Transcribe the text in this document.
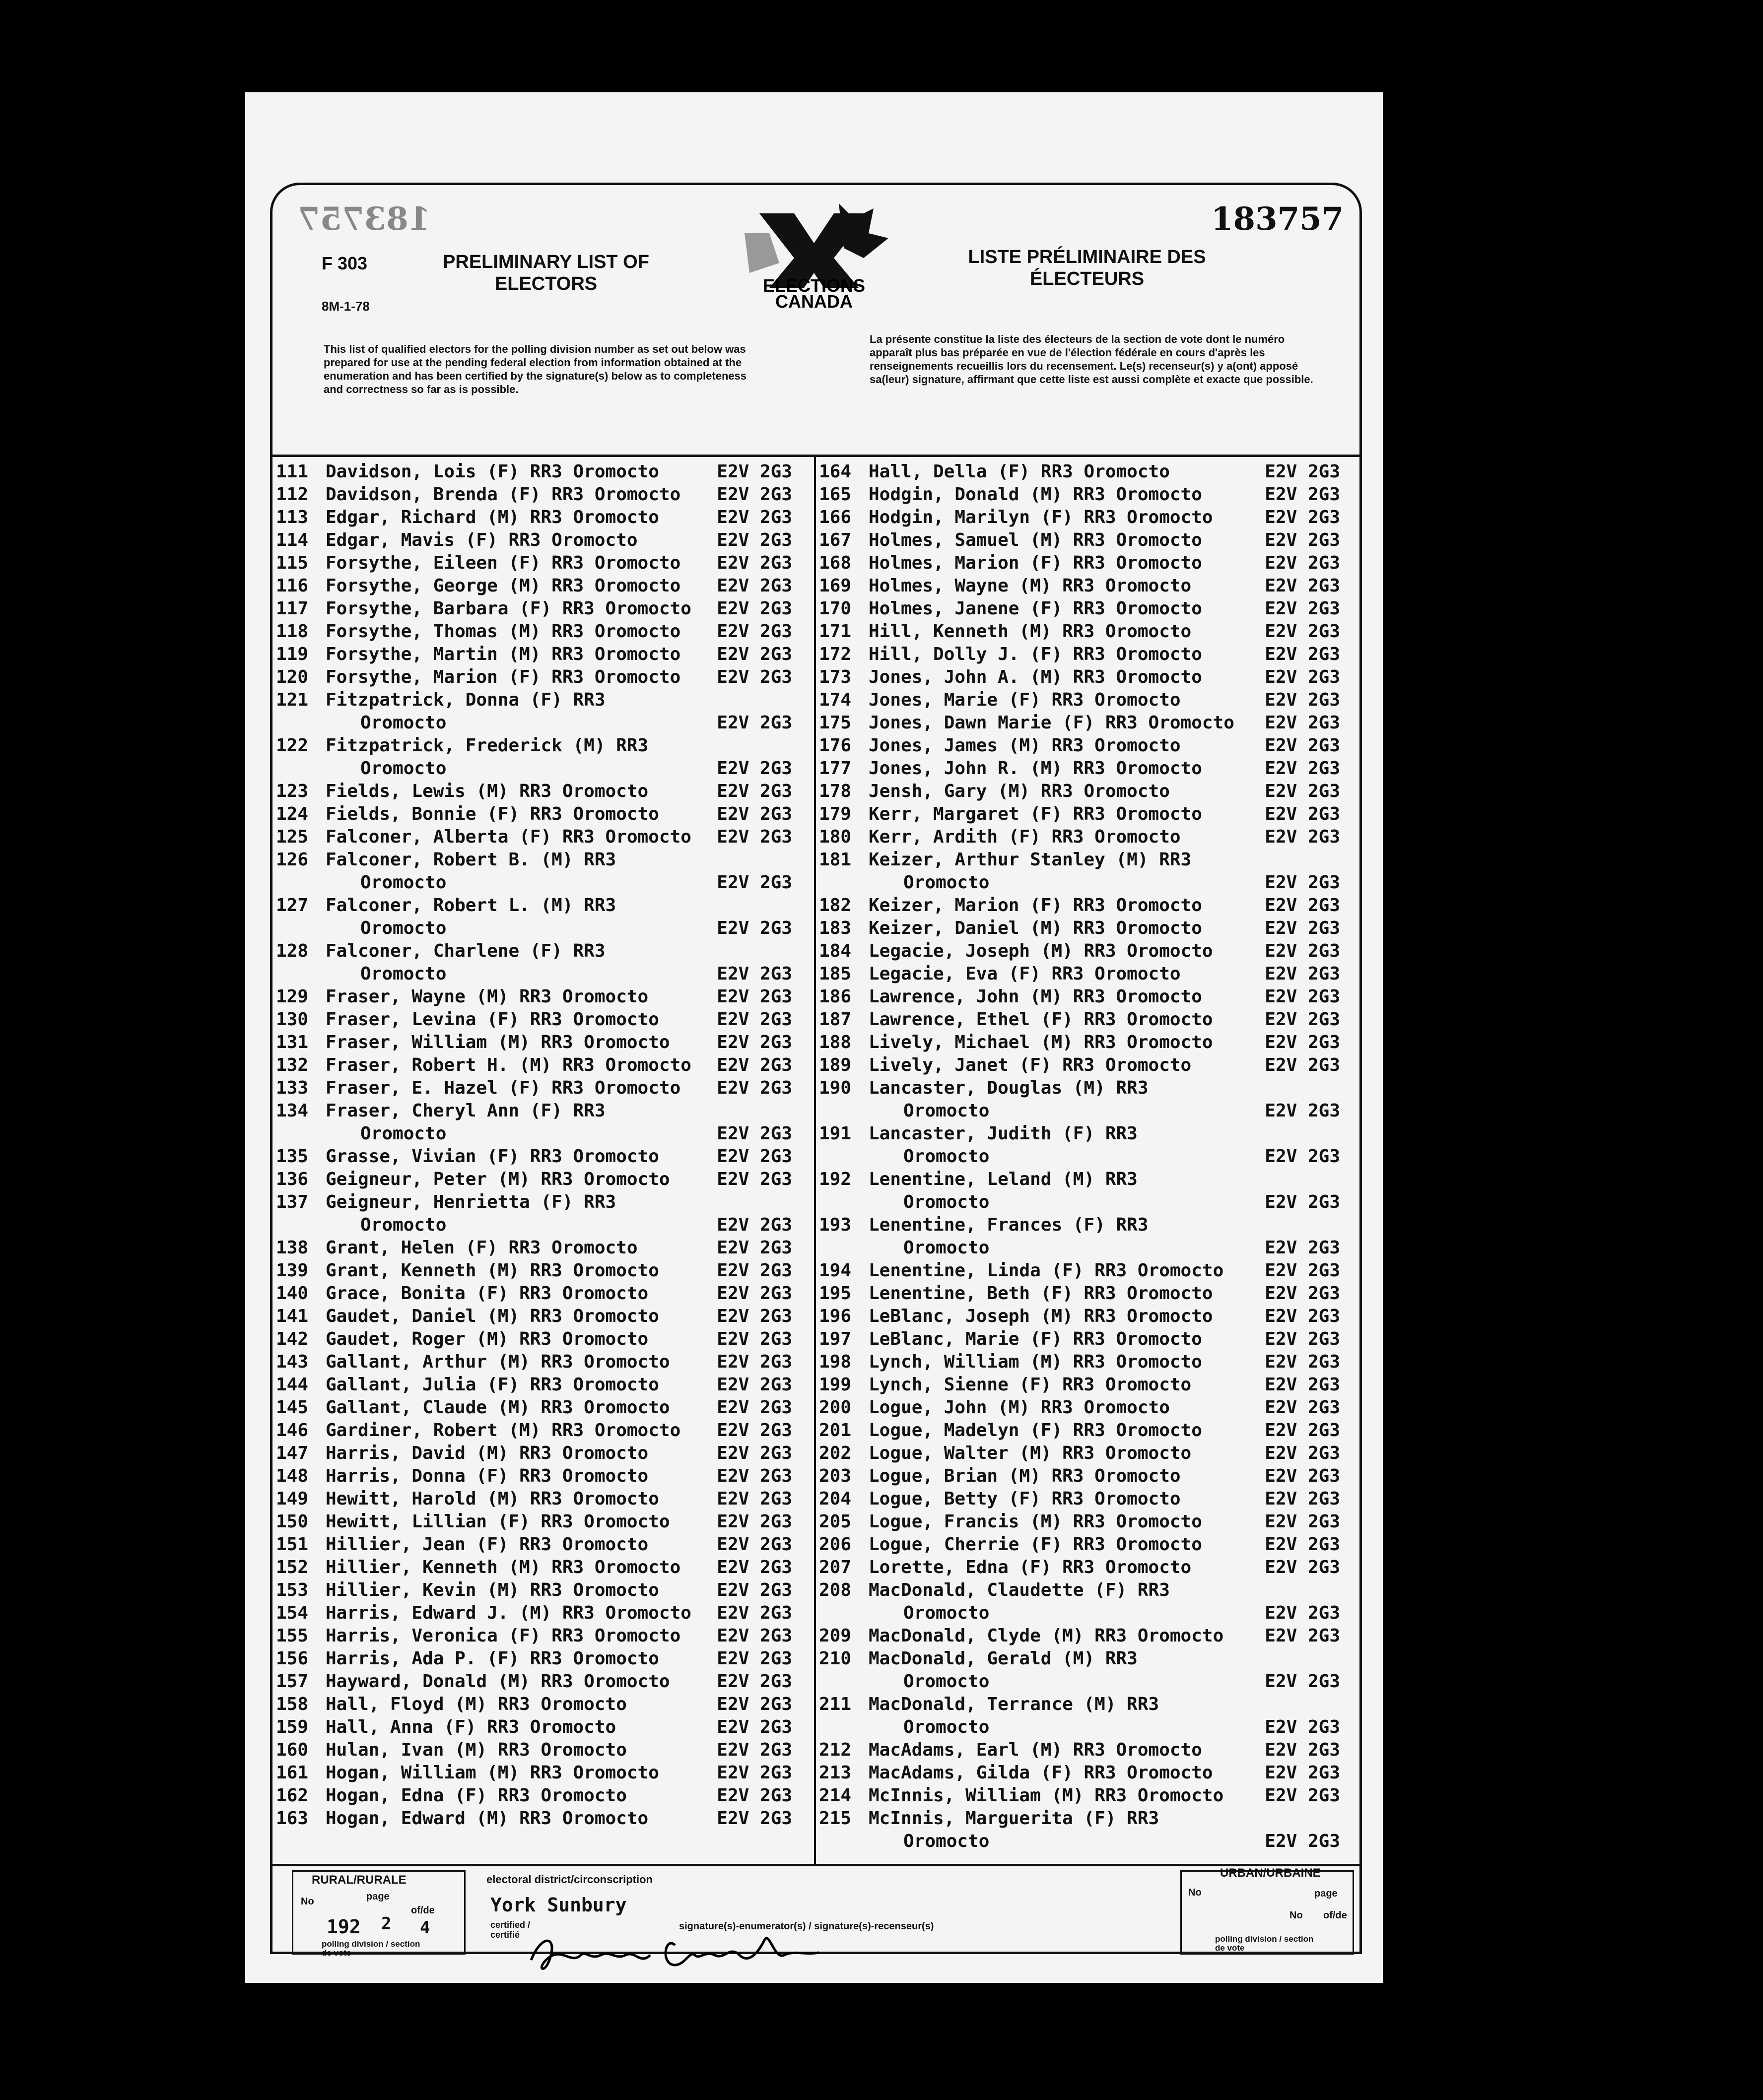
183757	183757
F 303
8M-1-78
PRELIMINARY LIST OF ELECTORS
LISTE PRÉLIMINAIRE DES ÉLECTEURS
ELECTIONS CANADA
This list of qualified electors for the polling division number as set out below was prepared for use at the pending federal election from information obtained at the enumeration and has been certified by the signature(s) below as to completeness and correctness so far as is possible.
La présente constitue la liste des électeurs de la section de vote dont le numéro apparaît plus bas préparée en vue de l'élection fédérale en cours d'après les renseignements recueillis lors du recensement. Le(s) recenseur(s) y a(ont) apposé sa(leur) signature, affirmant que cette liste est aussi complète et exacte que possible.
111 Davidson, Lois (F) RR3 Oromocto	E2V 2G3
112 Davidson, Brenda (F) RR3 Oromocto E2V 2G3
113 Edgar, Richard (M) RR3 Oromocto	E2V 2G3
114 Edgar, Mavis (F) RR3 Oromocto	E2V 2G3
115 Forsythe, Eileen (F) RR3 Oromocto E2V 2G3
116 Forsythe, George (M) RR3 Oromocto E2V 2G3
117 Forsythe, Barbara (F) RR3 Oromocto E2V 2G3
118 Forsythe, Thomas (M) RR3 Oromocto E2V 2G3
119 Forsythe, Martin (M) RR3 Oromocto E2V 2G3
120 Forsythe, Marion (F) RR3 Oromocto E2V 2G3
121 Fitzpatrick, Donna (F) RR3
Oromocto	E2V 2G3
122 Fitzpatrick, Frederick (M) RR3
Oromocto	E2V 2G3
123 Fields, Lewis (M) RR3 Oromocto	E2V 2G3
124 Fields, Bonnie (F) RR3 Oromocto	E2V 2G3
125 Falconer, Alberta (F) RR3 Oromocto E2V 2G3
126 Falconer, Robert B. (M) RR3
Oromocto	E2V 2G3
127 Falconer, Robert L. (M) RR3
Oromocto	E2V 2G3
128 Falconer, Charlene (F) RR3
Oromocto	E2V 2G3
129 Fraser, Wayne (M) RR3 Oromocto	E2V 2G3
130 Fraser, Levina (F) RR3 Oromocto	E2V 2G3
131 Fraser, William (M) RR3 Oromocto	E2V 2G3
132 Fraser, Robert H. (M) RR3 Oromocto E2V 2G3
133 Fraser, E. Hazel (F) RR3 Oromocto E2V 2G3
134 Fraser, Cheryl Ann (F) RR3
Oromocto	E2V 2G3
135 Grasse, Vivian (F) RR3 Oromocto	E2V 2G3
136 Geigneur, Peter (M) RR3 Oromocto	E2V 2G3
137 Geigneur, Henrietta (F) RR3
Oromocto	E2V 2G3
138 Grant, Helen (F) RR3 Oromocto	E2V 2G3
139 Grant, Kenneth (M) RR3 Oromocto	E2V 2G3
140 Grace, Bonita (F) RR3 Oromocto	E2V 2G3
141 Gaudet, Daniel (M) RR3 Oromocto	E2V 2G3
142 Gaudet, Roger (M) RR3 Oromocto	E2V 2G3
143 Gallant, Arthur (M) RR3 Oromocto	E2V 2G3
144 Gallant, Julia (F) RR3 Oromocto	E2V 2G3
145 Gallant, Claude (M) RR3 Oromocto	E2V 2G3
146 Gardiner, Robert (M) RR3 Oromocto E2V 2G3
147 Harris, David (M) RR3 Oromocto	E2V 2G3
148 Harris, Donna (F) RR3 Oromocto	E2V 2G3
149 Hewitt, Harold (M) RR3 Oromocto	E2V 2G3
150 Hewitt, Lillian (F) RR3 Oromocto	E2V 2G3
151 Hillier, Jean (F) RR3 Oromocto	E2V 2G3
152 Hillier, Kenneth (M) RR3 Oromocto E2V 2G3
153 Hillier, Kevin (M) RR3 Oromocto	E2V 2G3
154 Harris, Edward J. (M) RR3 Oromocto E2V 2G3
155 Harris, Veronica (F) RR3 Oromocto E2V 2G3
156 Harris, Ada P. (F) RR3 Oromocto	E2V 2G3
157 Hayward, Donald (M) RR3 Oromocto	E2V 2G3
158 Hall, Floyd (M) RR3 Oromocto	E2V 2G3
159 Hall, Anna (F) RR3 Oromocto	E2V 2G3
160 Hulan, Ivan (M) RR3 Oromocto	E2V 2G3
161 Hogan, William (M) RR3 Oromocto	E2V 2G3
162 Hogan, Edna (F) RR3 Oromocto	E2V 2G3
163 Hogan, Edward (M) RR3 Oromocto	E2V 2G3
164 Hall, Della (F) RR3 Oromocto	E2V 2G3
165 Hodgin, Donald (M) RR3 Oromocto	E2V 2G3
166 Hodgin, Marilyn (F) RR3 Oromocto	E2V 2G3
167 Holmes, Samuel (M) RR3 Oromocto	E2V 2G3
168 Holmes, Marion (F) RR3 Oromocto	E2V 2G3
169 Holmes, Wayne (M) RR3 Oromocto	E2V 2G3
170 Holmes, Janene (F) RR3 Oromocto	E2V 2G3
171 Hill, Kenneth (M) RR3 Oromocto	E2V 2G3
172 Hill, Dolly J. (F) RR3 Oromocto	E2V 2G3
173 Jones, John A. (M) RR3 Oromocto	E2V 2G3
174 Jones, Marie (F) RR3 Oromocto	E2V 2G3
175 Jones, Dawn Marie (F) RR3 Oromocto E2V 2G3
176 Jones, James (M) RR3 Oromocto	E2V 2G3
177 Jones, John R. (M) RR3 Oromocto	E2V 2G3
178 Jensh, Gary (M) RR3 Oromocto	E2V 2G3
179 Kerr, Margaret (F) RR3 Oromocto	E2V 2G3
180 Kerr, Ardith (F) RR3 Oromocto	E2V 2G3
181 Keizer, Arthur Stanley (M) RR3
Oromocto	E2V 2G3
182 Keizer, Marion (F) RR3 Oromocto	E2V 2G3
183 Keizer, Daniel (M) RR3 Oromocto	E2V 2G3
184 Legacie, Joseph (M) RR3 Oromocto	E2V 2G3
185 Legacie, Eva (F) RR3 Oromocto	E2V 2G3
186 Lawrence, John (M) RR3 Oromocto	E2V 2G3
187 Lawrence, Ethel (F) RR3 Oromocto	E2V 2G3
188 Lively, Michael (M) RR3 Oromocto	E2V 2G3
189 Lively, Janet (F) RR3 Oromocto	E2V 2G3
190 Lancaster, Douglas (M) RR3
Oromocto	E2V 2G3
191 Lancaster, Judith (F) RR3
Oromocto	E2V 2G3
192 Lenentine, Leland (M) RR3
Oromocto	E2V 2G3
193 Lenentine, Frances (F) RR3
Oromocto	E2V 2G3
194 Lenentine, Linda (F) RR3 Oromocto E2V 2G3
195 Lenentine, Beth (F) RR3 Oromocto	E2V 2G3
196 LeBlanc, Joseph (M) RR3 Oromocto	E2V 2G3
197 LeBlanc, Marie (F) RR3 Oromocto	E2V 2G3
198 Lynch, William (M) RR3 Oromocto	E2V 2G3
199 Lynch, Sienne (F) RR3 Oromocto	E2V 2G3
200 Logue, John (M) RR3 Oromocto	E2V 2G3
201 Logue, Madelyn (F) RR3 Oromocto	E2V 2G3
202 Logue, Walter (M) RR3 Oromocto	E2V 2G3
203 Logue, Brian (M) RR3 Oromocto	E2V 2G3
204 Logue, Betty (F) RR3 Oromocto	E2V 2G3
205 Logue, Francis (M) RR3 Oromocto	E2V 2G3
206 Logue, Cherrie (F) RR3 Oromocto	E2V 2G3
207 Lorette, Edna (F) RR3 Oromocto	E2V 2G3
208 MacDonald, Claudette (F) RR3
Oromocto	E2V 2G3
209 MacDonald, Clyde (M) RR3 Oromocto E2V 2G3
210 MacDonald, Gerald (M) RR3
Oromocto	E2V 2G3
211 MacDonald, Terrance (M) RR3
Oromocto	E2V 2G3
212 MacAdams, Earl (M) RR3 Oromocto	E2V 2G3
213 MacAdams, Gilda (F) RR3 Oromocto	E2V 2G3
214 McInnis, William (M) RR3 Oromocto E2V 2G3
215 McInnis, Marguerita (F) RR3
Oromocto	E2V 2G3
RURAL/RURALE
No	page
of/de
192 2 4
polling division / section de vote
electoral district/circonscription
York Sunbury
certified / certifié
signature(s)-enumerator(s) / signature(s)-recenseur(s)
URBAN/URBAINE
No	page
No of/de
polling division / section de vote
